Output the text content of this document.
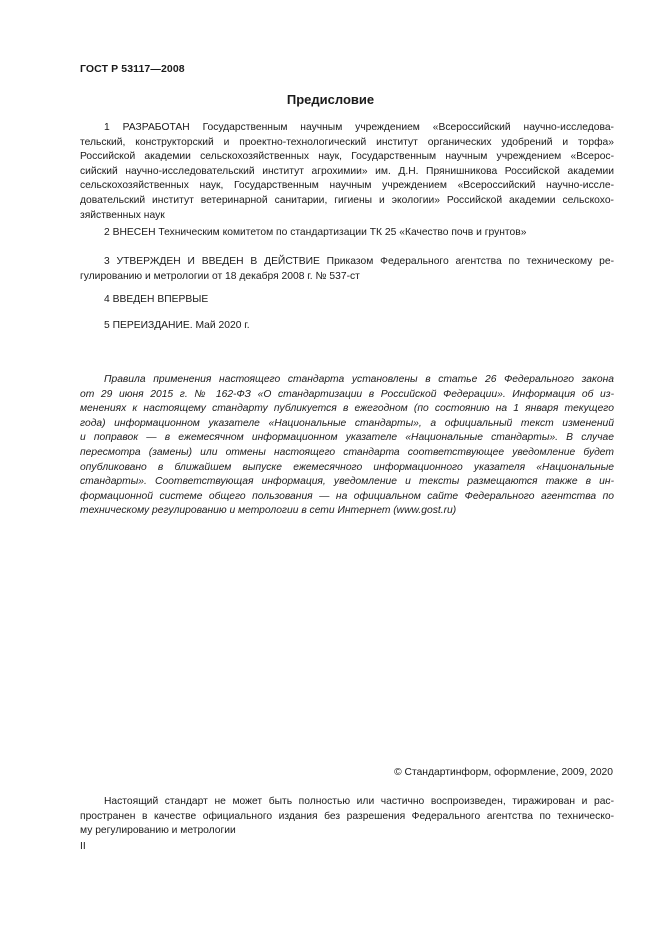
ГОСТ Р 53117—2008
Предисловие
1 РАЗРАБОТАН Государственным научным учреждением «Всероссийский научно-исследова-
тельский, конструкторский и проектно-технологический институт органических удобрений и торфа»
Российской академии сельскохозяйственных наук, Государственным научным учреждением «Всерос-
сийский научно-исследовательский институт агрохимии» им. Д.Н. Прянишникова Российской академии
сельскохозяйственных наук, Государственным научным учреждением «Всероссийский научно-иссле-
довательский институт ветеринарной санитарии, гигиены и экологии» Российской академии сельскохо-
зяйственных наук
2 ВНЕСЕН Техническим комитетом по стандартизации ТК 25 «Качество почв и грунтов»
3 УТВЕРЖДЕН И ВВЕДЕН В ДЕЙСТВИЕ Приказом Федерального агентства по техническому ре-
гулированию и метрологии от 18 декабря 2008 г. № 537-ст
4 ВВЕДЕН ВПЕРВЫЕ
5 ПЕРЕИЗДАНИЕ. Май 2020 г.
Правила применения настоящего стандарта установлены в статье 26 Федерального закона
от 29 июня 2015 г. № 162-ФЗ «О стандартизации в Российской Федерации». Информация об из-
менениях к настоящему стандарту публикуется в ежегодном (по состоянию на 1 января текущего
года) информационном указателе «Национальные стандарты», а официальный текст изменений
и поправок — в ежемесячном информационном указателе «Национальные стандарты». В случае
пересмотра (замены) или отмены настоящего стандарта соответствующее уведомление будет
опубликовано в ближайшем выпуске ежемесячного информационного указателя «Национальные
стандарты». Соответствующая информация, уведомление и тексты размещаются также в ин-
формационной системе общего пользования — на официальном сайте Федерального агентства по
техническому регулированию и метрологии в сети Интернет (www.gost.ru)
© Стандартинформ, оформление, 2009, 2020
Настоящий стандарт не может быть полностью или частично воспроизведен, тиражирован и рас-
пространен в качестве официального издания без разрешения Федерального агентства по техническо-
му регулированию и метрологии
II
